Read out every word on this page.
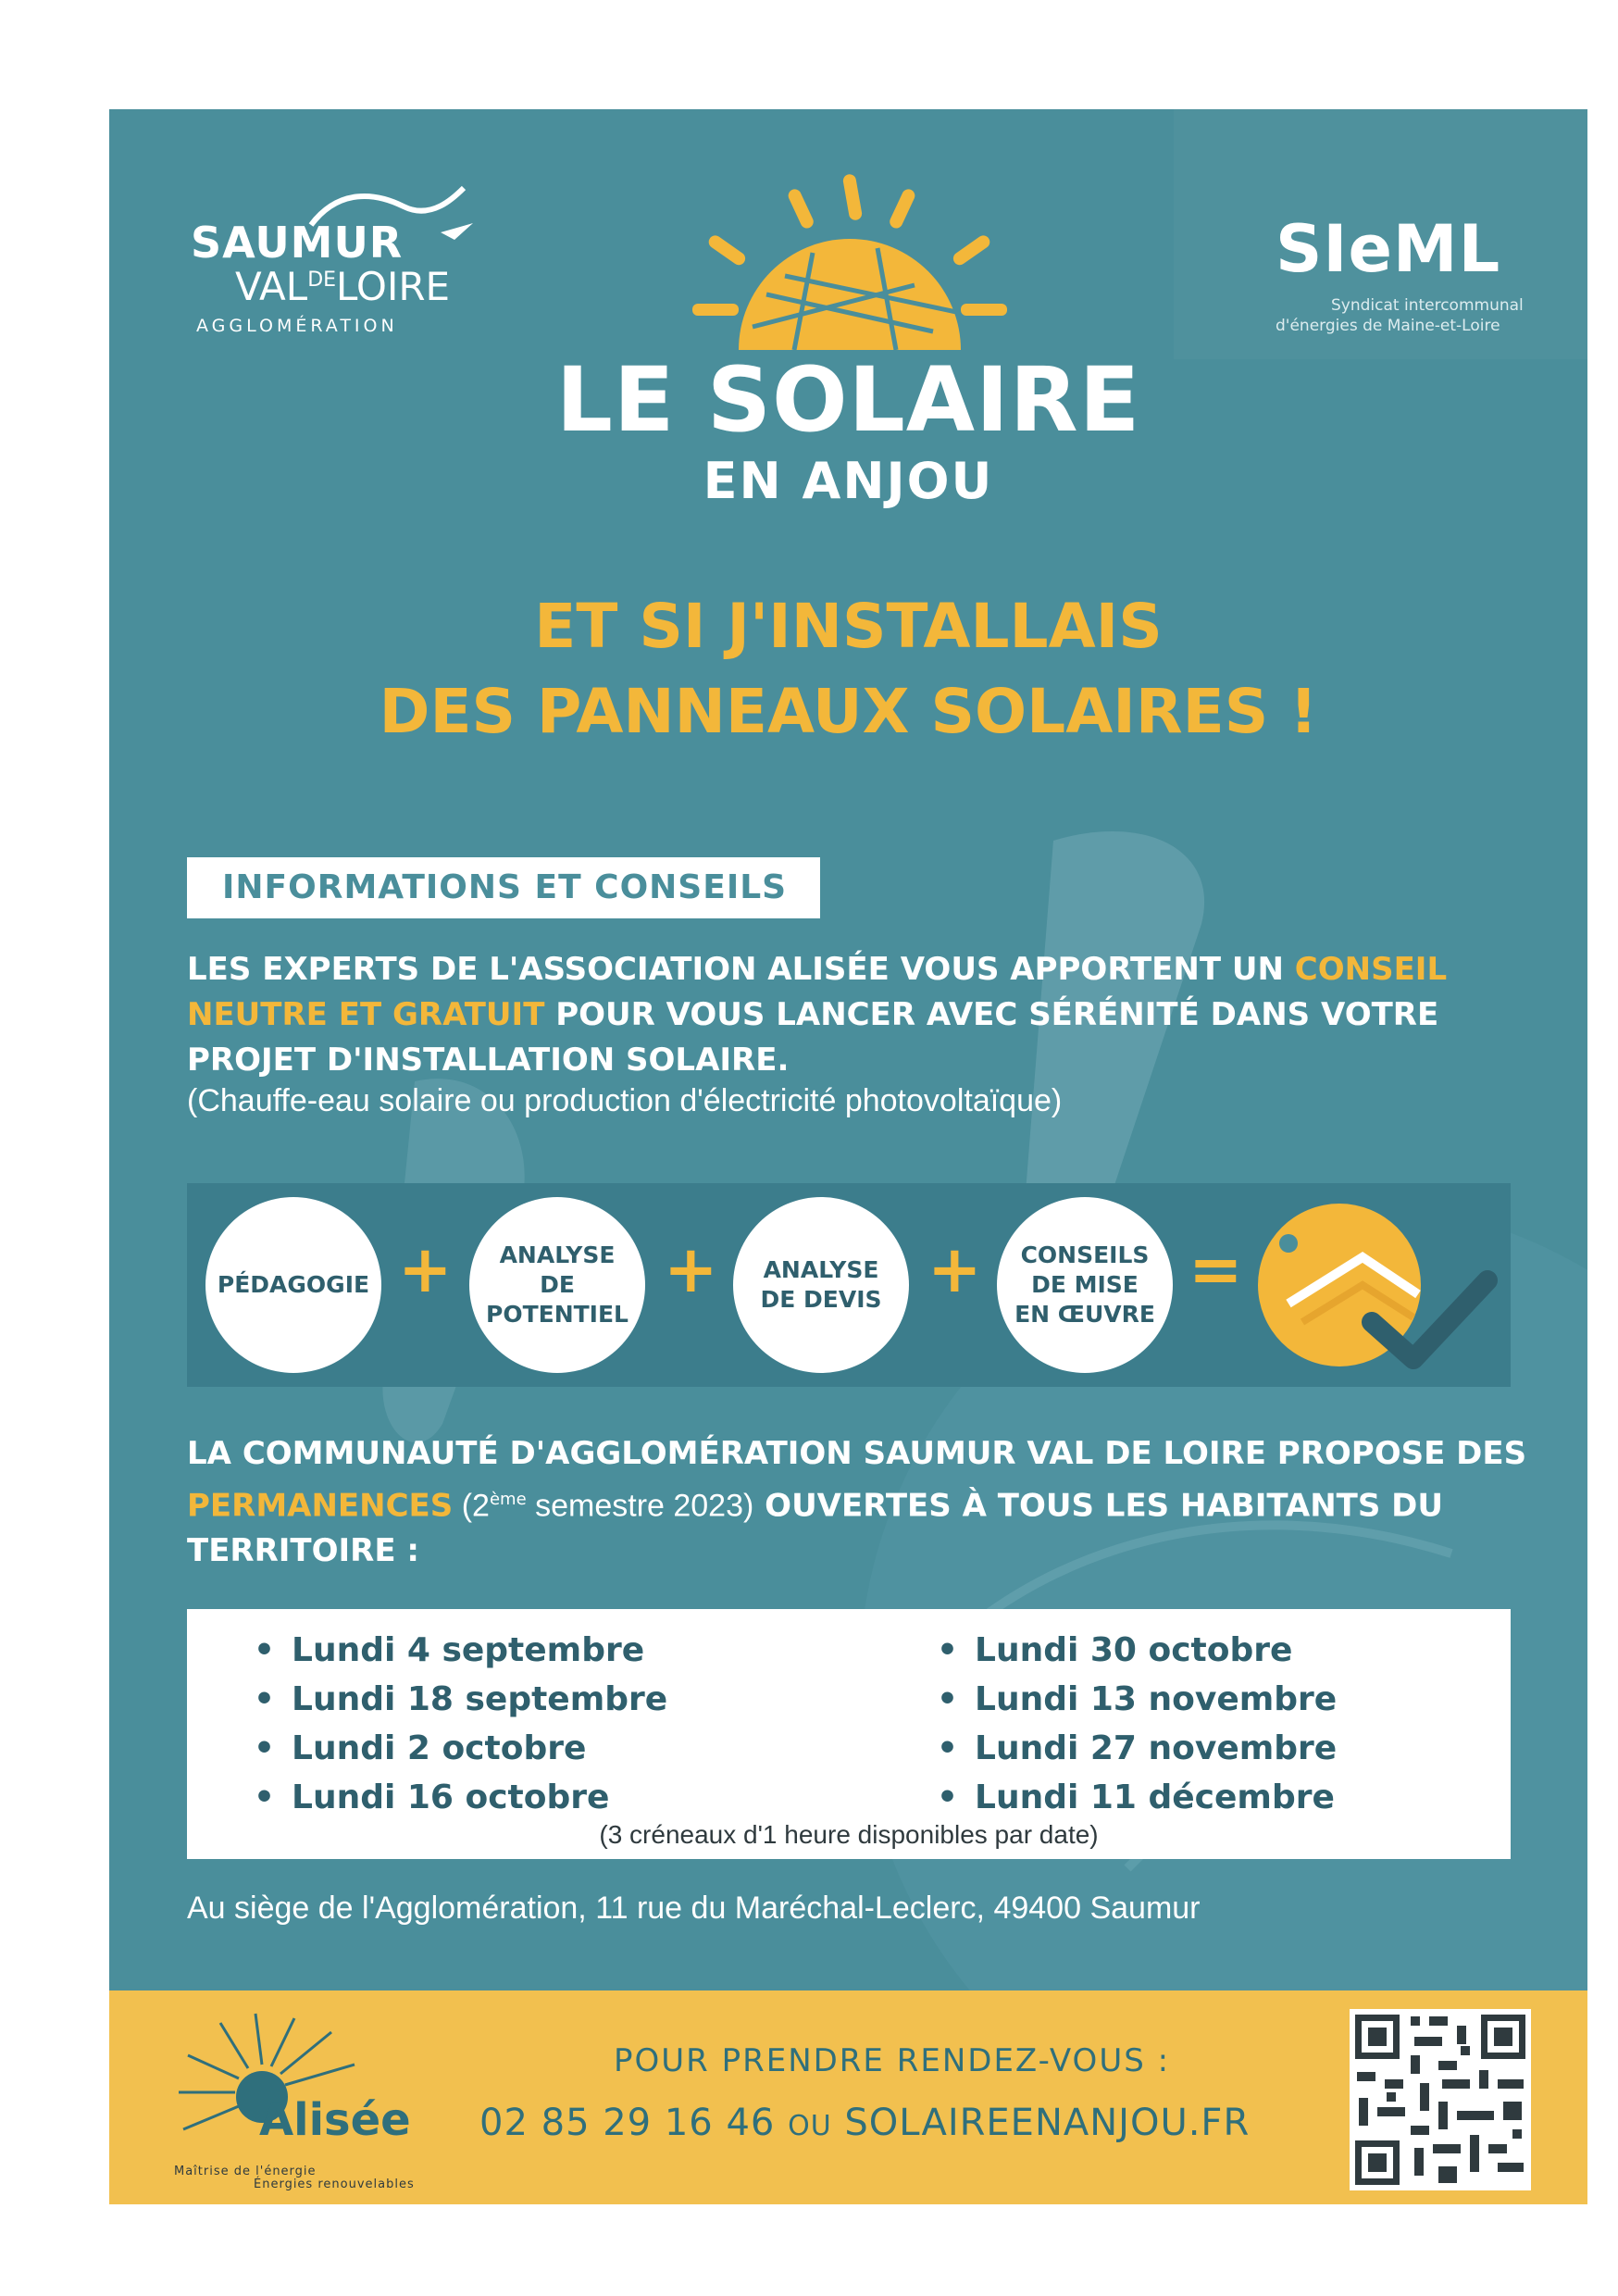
SAUMUR
$VAL^{DE}LOIRE$
AGGLOMÉRATION
SIeML
Syndicat intercommunal
d'énergies de Maine-et-Loire
LE SOLAIRE
EN ANJOU
ET SI J'INSTALLAIS
DES PANNEAUX SOLAIRES !
INFORMATIONS ET CONSEILS
LES EXPERTS DE L'ASSOCIATION ALISÉE VOUS APPORTENT UN CONSEIL NEUTRE ET GRATUIT POUR VOUS LANCER AVEC SÉRÉNITÉ DANS VOTRE PROJET D'INSTALLATION SOLAIRE.
(Chauffe-eau solaire ou production d'électricité photovoltaïque)
PÉDAGOGIE +	ANALYSE DE POTENTIEL
+	ANALYSE DE DEVIS +	CONSEILS DE MISE EN ŒUVRE
=
LA COMMUNAUTÉ D'AGGLOMÉRATION SAUMUR VAL DE LOIRE PROPOSE DES PERMANENCES (2ème semestre 2023) OUVERTES À TOUS LES HABITANTS DU TERRITOIRE :
• Lundi 4 septembre
• Lundi 18 septembre
• Lundi 2 octobre
• Lundi 16 octobre
• Lundi 30 octobre
• Lundi 13 novembre
• Lundi 27 novembre
• Lundi 11 décembre
(3 créneaux d'1 heure disponibles par date)
Au siège de l'Agglomération, 11 rue du Maréchal-Leclerc, 49400 Saumur
Alisée
Maîtrise de l'énergie
Énergies renouvelables
POUR PRENDRE RENDEZ-VOUS :
02 85 29 16 46 OU SOLAIREENANJOU.FR
